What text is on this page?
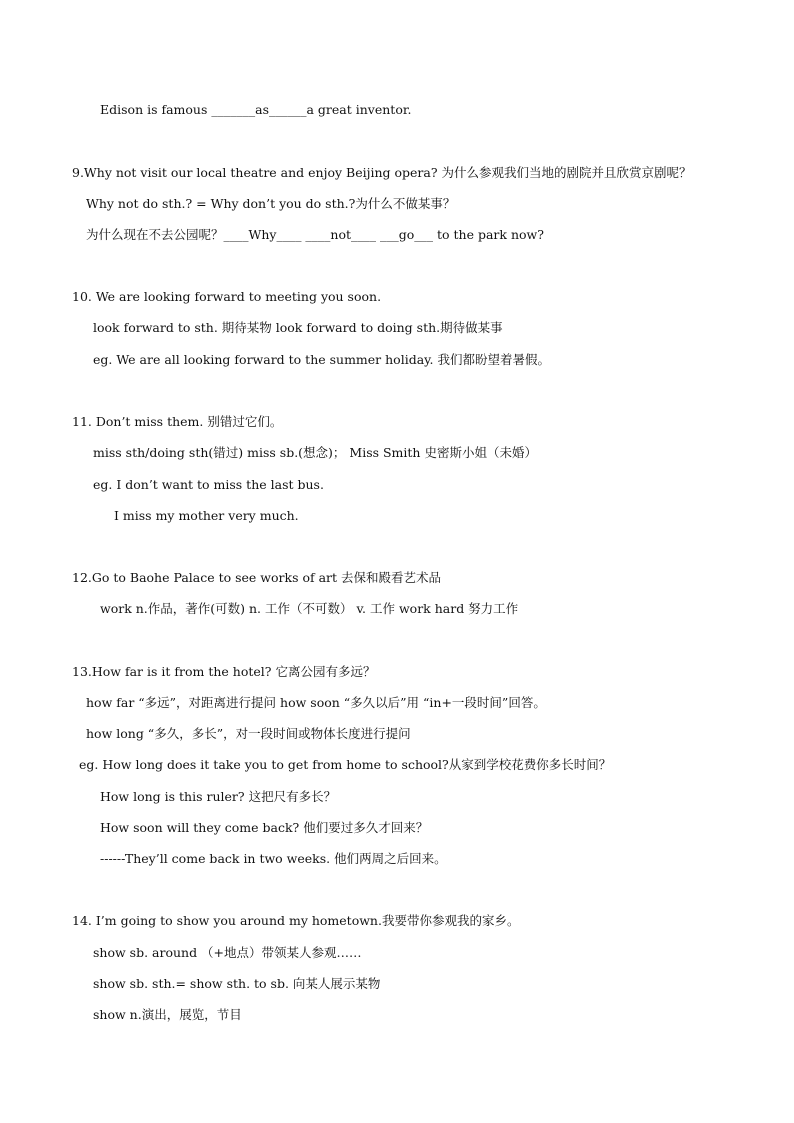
Edison is famous _______as______a great inventor.
9.Why not visit our local theatre and enjoy Beijing opera? 为什么参观我们当地的剧院并且欣赏京剧呢？
Why not do sth.? = Why don’t you do sth.?为什么不做某事？
为什么现在不去公园呢？____Why____ ____not____ ___go___ to the park now?
10. We are looking forward to meeting you soon.
look forward to sth. 期待某物 look forward to doing sth.期待做某事
eg. We are all looking forward to the summer holiday. 我们都盼望着暑假。
11. Don’t miss them. 别错过它们。
miss sth/doing sth(错过) miss sb.(想念)； Miss Smith 史密斯小姐（未婚）
eg. I don’t want to miss the last bus.
I miss my mother very much.
12.Go to Baohe Palace to see works of art 去保和殿看艺术品
work n.作品，著作(可数) n. 工作（不可数） v. 工作 work hard 努力工作
13.How far is it from the hotel? 它离公园有多远？
how far “多远”，对距离进行提问 how soon “多久以后”用 “in+一段时间”回答。
how long “多久，多长”，对一段时间或物体长度进行提问
eg. How long does it take you to get from home to school?从家到学校花费你多长时间？
How long is this ruler? 这把尺有多长？
How soon will they come back? 他们要过多久才回来？
------They’ll come back in two weeks. 他们两周之后回来。
14. I’m going to show you around my hometown.我要带你参观我的家乡。
show sb. around （+地点）带领某人参观……
show sb. sth.= show sth. to sb. 向某人展示某物
show n.演出，展览，节目
